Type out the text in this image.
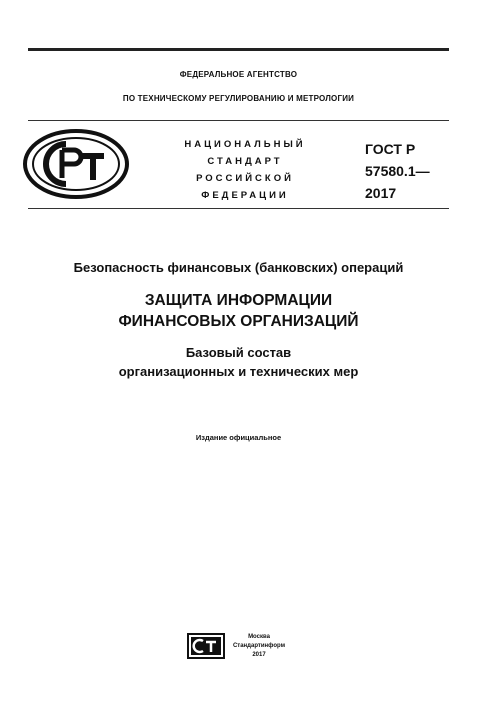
ФЕДЕРАЛЬНОЕ АГЕНТСТВО
ПО ТЕХНИЧЕСКОМУ РЕГУЛИРОВАНИЮ И МЕТРОЛОГИИ
НАЦИОНАЛЬНЫЙ
СТАНДАРТ
РОССИЙСКОЙ
ФЕДЕРАЦИИ
ГОСТ Р
57580.1—
2017
Безопасность финансовых (банковских) операций
ЗАЩИТА ИНФОРМАЦИИ
ФИНАНСОВЫХ ОРГАНИЗАЦИЙ
Базовый состав
организационных и технических мер
Издание официальное
Москва
Стандартинформ
2017
